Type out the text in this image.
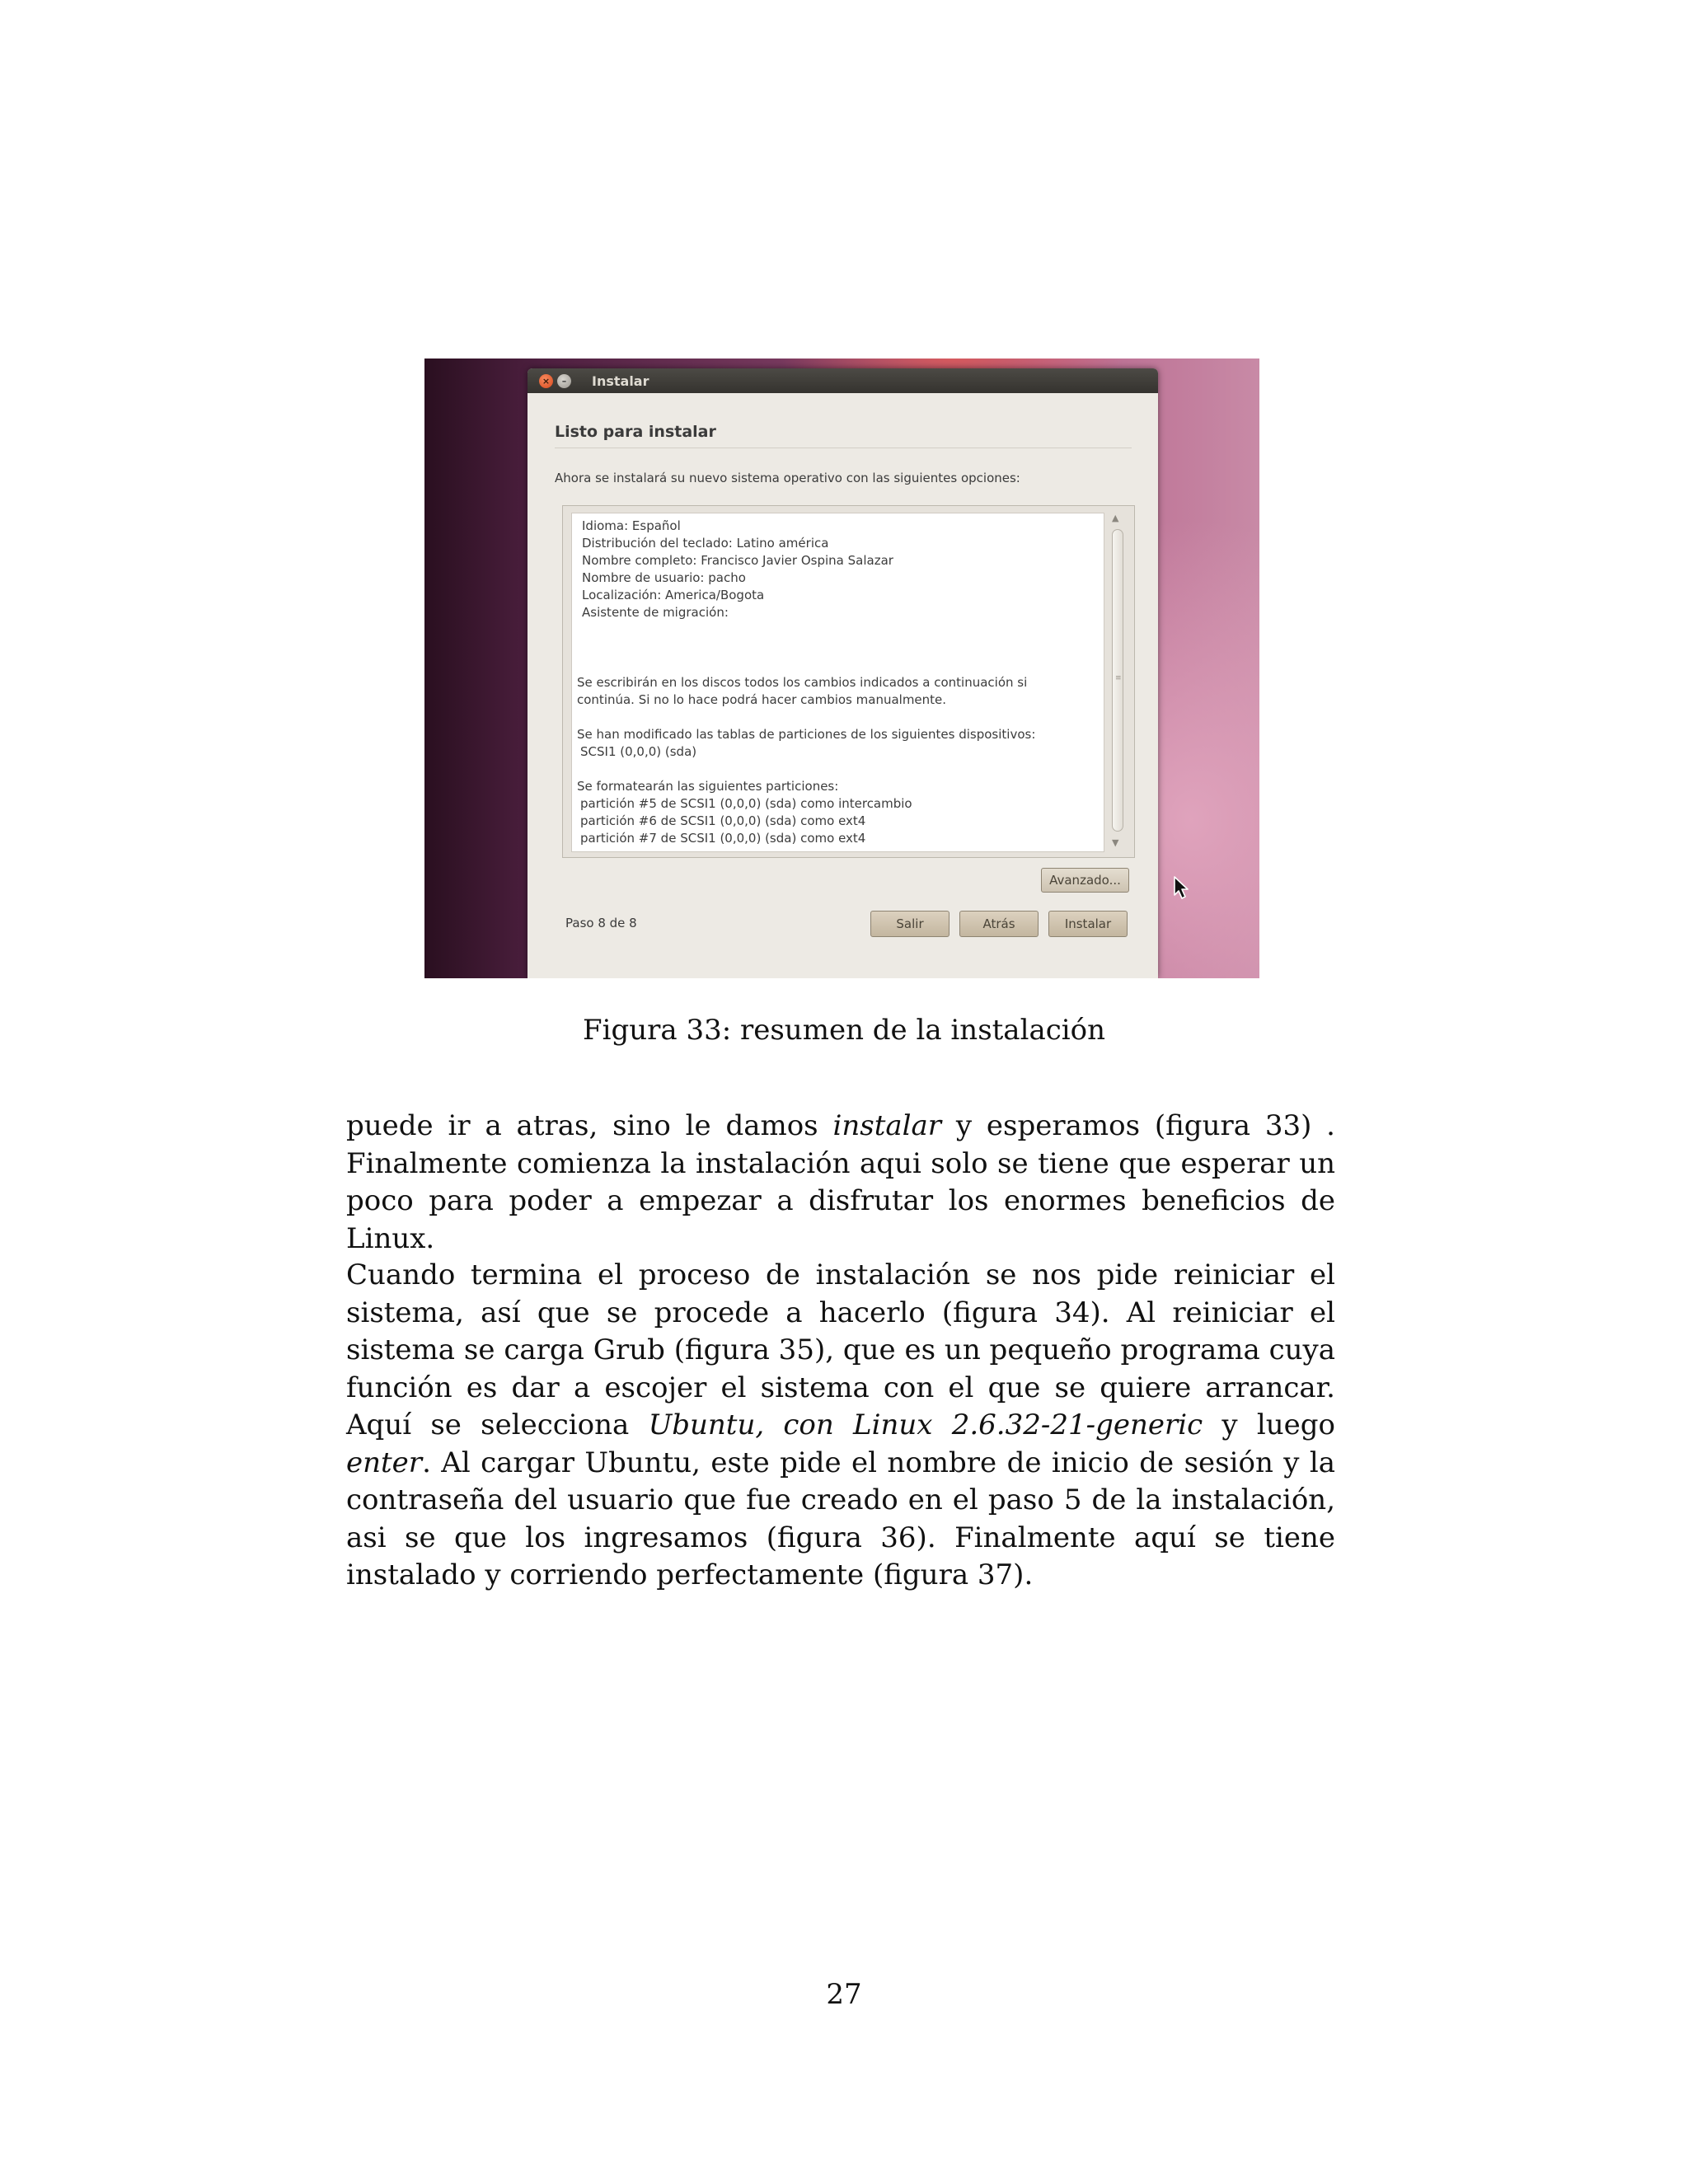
×	–	Instalar
Listo para instalar
Ahora se instalará su nuevo sistema operativo con las siguientes opciones:
Idioma: Español
Distribución del teclado: Latino américa
Nombre completo: Francisco Javier Ospina Salazar
Nombre de usuario: pacho
Localización: America/Bogota
Asistente de migración:
Se escribirán en los discos todos los cambios indicados a continuación si
continúa. Si no lo hace podrá hacer cambios manualmente.
Se han modificado las tablas de particiones de los siguientes dispositivos:
SCSI1 (0,0,0) (sda)
Se formatearán las siguientes particiones:
partición #5 de SCSI1 (0,0,0) (sda) como intercambio
partición #6 de SCSI1 (0,0,0) (sda) como ext4
partición #7 de SCSI1 (0,0,0) (sda) como ext4
▲
≡
▼
Avanzado...
Paso 8 de 8	Salir	Atrás	Instalar
Figura 33: resumen de la instalación

puede ir a atras, sino le damos instalar y esperamos (figura 33) . Finalmente comienza la instalación aqui solo se tiene que esperar un poco para poder a empezar a disfrutar los enormes beneficios de Linux.

Cuando termina el proceso de instalación se nos pide reiniciar el sistema, así que se procede a hacerlo (figura 34). Al reiniciar el sistema se carga Grub (figura 35), que es un pequeño programa cuya función es dar a escojer el sistema con el que se quiere arrancar. Aquí se selecciona Ubuntu, con Linux 2.6.32-21-generic y luego enter. Al cargar Ubuntu, este pide el nombre de inicio de sesión y la contraseña del usuario que fue creado en el paso 5 de la instalación, asi se que los ingresamos (figura 36). Finalmente aquí se tiene instalado y corriendo perfectamente (figura 37).

27
